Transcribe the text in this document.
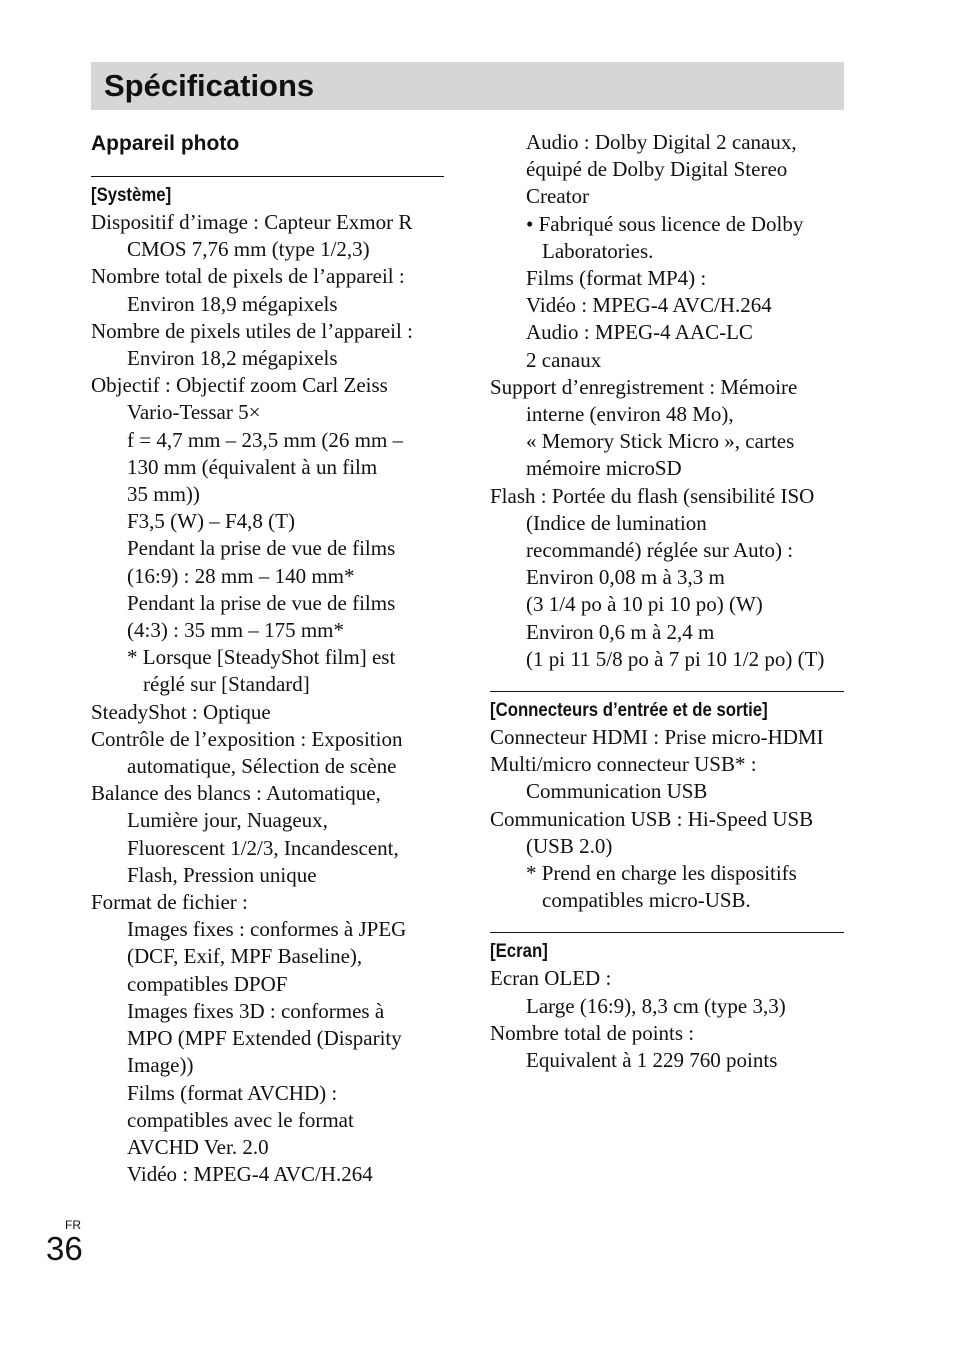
Spécifications
Appareil photo
[Système]
Dispositif d’image : Capteur Exmor R
CMOS 7,76 mm (type 1/2,3)
Nombre total de pixels de l’appareil :
Environ 18,9 mégapixels
Nombre de pixels utiles de l’appareil :
Environ 18,2 mégapixels
Objectif : Objectif zoom Carl Zeiss
Vario-Tessar 5×
f = 4,7 mm – 23,5 mm (26 mm –
130 mm (équivalent à un film
35 mm))
F3,5 (W) – F4,8 (T)
Pendant la prise de vue de films
(16:9) : 28 mm – 140 mm*
Pendant la prise de vue de films
(4:3) : 35 mm – 175 mm*
* Lorsque [SteadyShot film] est
réglé sur [Standard]
SteadyShot : Optique
Contrôle de l’exposition : Exposition
automatique, Sélection de scène
Balance des blancs : Automatique,
Lumière jour, Nuageux,
Fluorescent 1/2/3, Incandescent,
Flash, Pression unique
Format de fichier :
Images fixes : conformes à JPEG
(DCF, Exif, MPF Baseline),
compatibles DPOF
Images fixes 3D : conformes à
MPO (MPF Extended (Disparity
Image))
Films (format AVCHD) :
compatibles avec le format
AVCHD Ver. 2.0
Vidéo : MPEG-4 AVC/H.264
Audio : Dolby Digital 2 canaux,
équipé de Dolby Digital Stereo
Creator
• Fabriqué sous licence de Dolby
Laboratories.
Films (format MP4) :
Vidéo : MPEG-4 AVC/H.264
Audio : MPEG-4 AAC-LC
2 canaux
Support d’enregistrement : Mémoire
interne (environ 48 Mo),
« Memory Stick Micro », cartes
mémoire microSD
Flash : Portée du flash (sensibilité ISO
(Indice de lumination
recommandé) réglée sur Auto) :
Environ 0,08 m à 3,3 m
(3 1/4 po à 10 pi 10 po) (W)
Environ 0,6 m à 2,4 m
(1 pi 11 5/8 po à 7 pi 10 1/2 po) (T)
[Connecteurs d’entrée et de sortie]
Connecteur HDMI : Prise micro-HDMI
Multi/micro connecteur USB* :
Communication USB
Communication USB : Hi-Speed USB
(USB 2.0)
* Prend en charge les dispositifs
compatibles micro-USB.
[Ecran]
Ecran OLED :
Large (16:9), 8,3 cm (type 3,3)
Nombre total de points :
Equivalent à 1 229 760 points
FR
36
